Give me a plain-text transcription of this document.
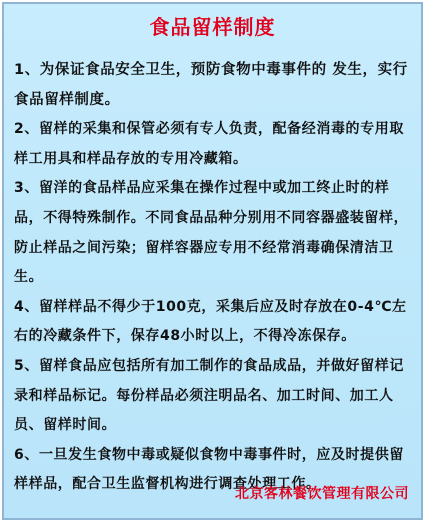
食品留样制度
1、为保证食品安全卫生，预防食物中毒事件的 发生，实行食品留样制度。
2、留样的采集和保管必须有专人负责，配备经消毒的专用取样工用具和样品存放的专用冷藏箱。
3、留洋的食品样品应采集在操作过程中或加工终止时的样品，不得特殊制作。不同食品品种分别用不同容器盛装留样，防止样品之间污染；留样容器应专用不经常消毒确保清洁卫生。
4、留样样品不得少于100克，采集后应及时存放在0-4℃左右的冷藏条件下，保存48小时以上，不得冷冻保存。
5、留样食品应包括所有加工制作的食品成品，并做好留样记录和样品标记。每份样品必须注明品名、加工时间、加工人员、留样时间。
6、一旦发生食物中毒或疑似食物中毒事件时，应及时提供留样样品，配合卫生监督机构进行调查处理工作。
北京客林餐饮管理有限公司
